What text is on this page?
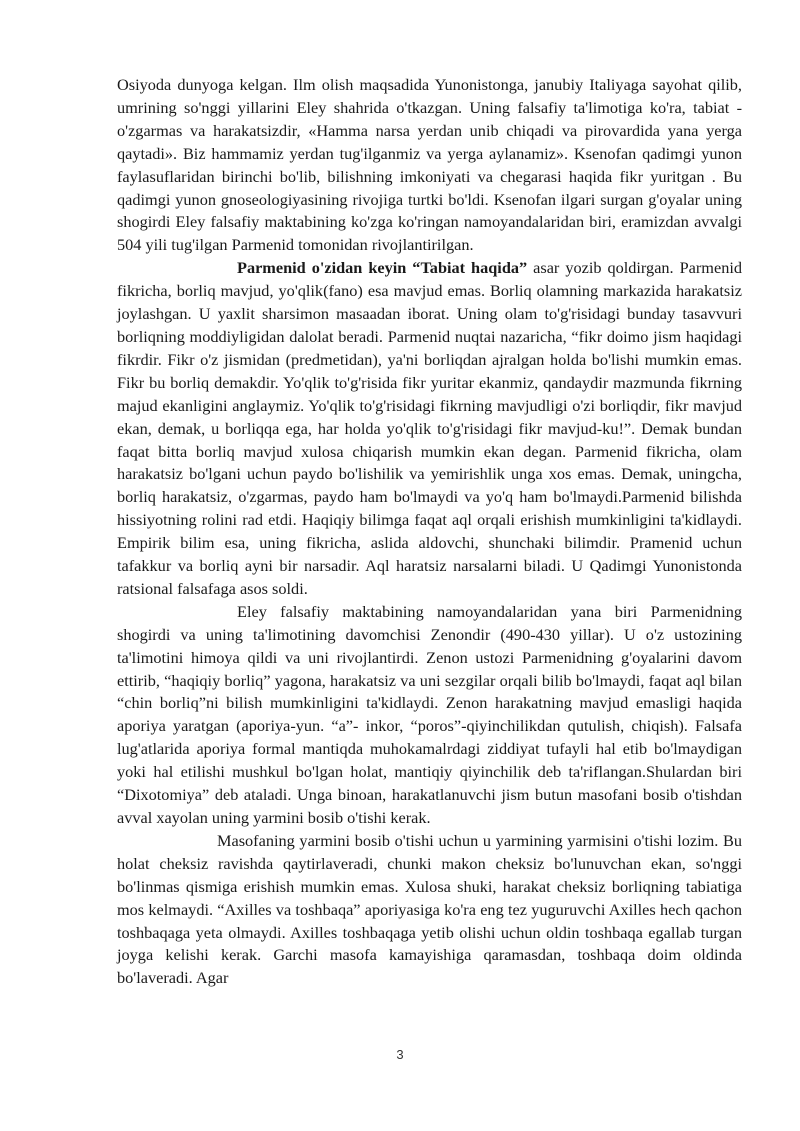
Osiyoda dunyoga kelgan. Ilm olish maqsadida Yunonistonga, janubiy Italiyaga sayohat qilib, umrining so'nggi yillarini Eley shahrida o'tkazgan. Uning falsafiy ta'limotiga ko'ra, tabiat - o'zgarmas va harakatsizdir, «Hamma narsa yerdan unib chiqadi va pirovardida yana yerga qaytadi». Biz hammamiz yerdan tug'ilganmiz va yerga aylanamiz». Ksenofan qadimgi yunon faylasuflaridan birinchi bo'lib, bilishning imkoniyati va chegarasi haqida fikr yuritgan . Bu qadimgi yunon gnoseologiyasining rivojiga turtki bo'ldi. Ksenofan ilgari surgan g'oyalar uning shogirdi Eley falsafiy maktabining ko'zga ko'ringan namoyandalaridan biri, eramizdan avvalgi 504 yili tug'ilgan Parmenid tomonidan rivojlantirilgan.

Parmenid o'zidan keyin “Tabiat haqida” asar yozib qoldirgan. Parmenid fikricha, borliq mavjud, yo'qlik(fano) esa mavjud emas. Borliq olamning markazida harakatsiz joylashgan. U yaxlit sharsimon masaadan iborat. Uning olam to'g'risidagi bunday tasavvuri borliqning moddiyligidan dalolat beradi. Parmenid nuqtai nazaricha, “fikr doimo jism haqidagi fikrdir. Fikr o'z jismidan (predmetidan), ya'ni borliqdan ajralgan holda bo'lishi mumkin emas. Fikr bu borliq demakdir. Yo'qlik to'g'risida fikr yuritar ekanmiz, qandaydir mazmunda fikrning majud ekanligini anglaymiz. Yo'qlik to'g'risidagi fikrning mavjudligi o'zi borliqdir, fikr mavjud ekan, demak, u borliqqa ega, har holda yo'qlik to'g'risidagi fikr mavjud-ku!”. Demak bundan faqat bitta borliq mavjud xulosa chiqarish mumkin ekan degan. Parmenid fikricha, olam harakatsiz bo'lgani uchun paydo bo'lishilik va yemirishlik unga xos emas. Demak, uningcha, borliq harakatsiz, o'zgarmas, paydo ham bo'lmaydi va yo'q ham bo'lmaydi.Parmenid bilishda hissiyotning rolini rad etdi. Haqiqiy bilimga faqat aql orqali erishish mumkinligini ta'kidlaydi. Empirik bilim esa, uning fikricha, aslida aldovchi, shunchaki bilimdir. Pramenid uchun tafakkur va borliq ayni bir narsadir. Aql haratsiz narsalarni biladi. U Qadimgi Yunonistonda ratsional falsafaga asos soldi.

Eley falsafiy maktabining namoyandalaridan yana biri Parmenidning shogirdi va uning ta'limotining davomchisi Zenondir (490-430 yillar). U o'z ustozining ta'limotini himoya qildi va uni rivojlantirdi. Zenon ustozi Parmenidning g'oyalarini davom ettirib, “haqiqiy borliq” yagona, harakatsiz va uni sezgilar orqali bilib bo'lmaydi, faqat aql bilan “chin borliq”ni bilish mumkinligini ta'kidlaydi. Zenon harakatning mavjud emasligi haqida aporiya yaratgan (aporiya-yun. “a”- inkor, “poros”-qiyinchilikdan qutulish, chiqish). Falsafa lug'atlarida aporiya formal mantiqda muhokamalrdagi ziddiyat tufayli hal etib bo'lmaydigan yoki hal etilishi mushkul bo'lgan holat, mantiqiy qiyinchilik deb ta'riflangan.Shulardan biri “Dixotomiya” deb ataladi. Unga binoan, harakatlanuvchi jism butun masofani bosib o'tishdan avval xayolan uning yarmini bosib o'tishi kerak.

Masofaning yarmini bosib o'tishi uchun u yarmining yarmisini o'tishi lozim. Bu holat cheksiz ravishda qaytirlaveradi, chunki makon cheksiz bo'lunuvchan ekan, so'nggi bo'linmas qismiga erishish mumkin emas. Xulosa shuki, harakat cheksiz borliqning tabiatiga mos kelmaydi. “Axilles va toshbaqa” aporiyasiga ko'ra eng tez yuguruvchi Axilles hech qachon toshbaqaga yeta olmaydi. Axilles toshbaqaga yetib olishi uchun oldin toshbaqa egallab turgan joyga kelishi kerak. Garchi masofa kamayishiga qaramasdan, toshbaqa doim oldinda bo'laveradi. Agar

3
